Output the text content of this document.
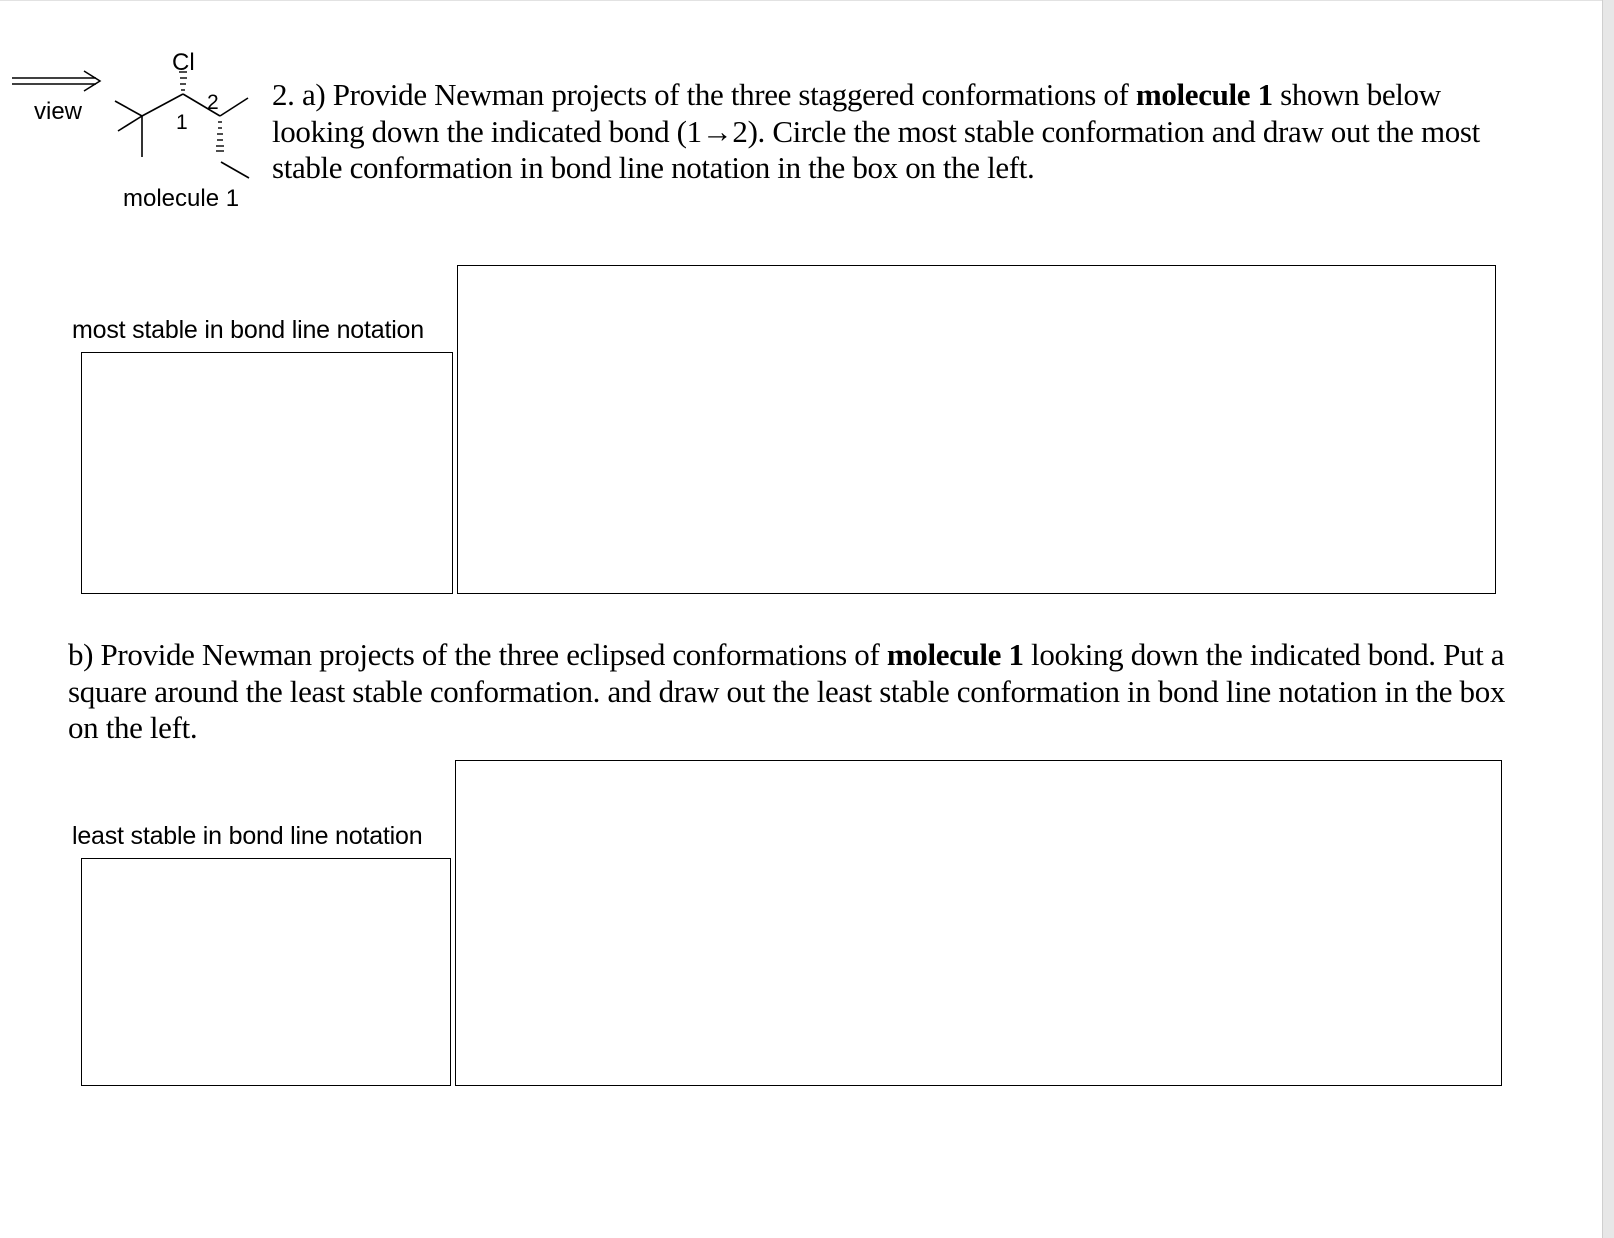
view
Cl
1
2
molecule 1

2. a) Provide Newman projects of the three staggered conformations of molecule 1 shown below looking down the indicated bond (1→2). Circle the most stable conformation and draw out the most stable conformation in bond line notation in the box on the left.

most stable in bond line notation

b) Provide Newman projects of the three eclipsed conformations of molecule 1 looking down the indicated bond. Put a square around the least stable conformation. and draw out the least stable conformation in bond line notation in the box on the left.

least stable in bond line notation
